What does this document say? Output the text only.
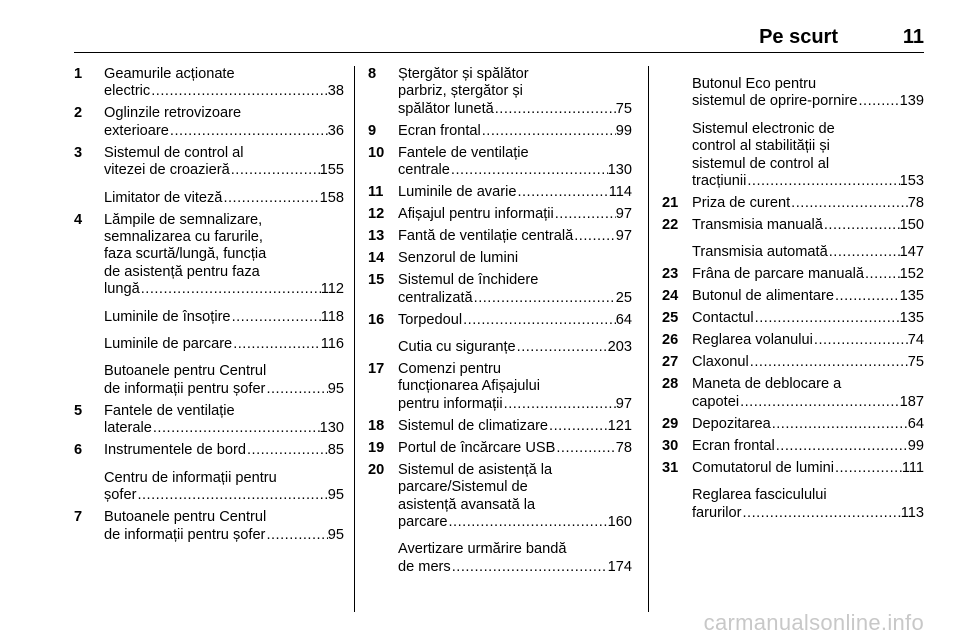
Pe scurt	11
1 Geamurile acționate
electric .....	38
2 Oglinzile retrovizoare
exterioare .....	36
3 Sistemul de control al
vitezei de croazieră .....	155
Limitator de viteză .....	158
4 Lămpile de semnalizare,
semnalizarea cu farurile,
faza scurtă/lungă, funcția
de asistență pentru faza
lungă .....	112
Luminile de însoțire .....	118
Luminile de parcare .....	116
Butoanele pentru Centrul
de informații pentru șofer .....	95
5 Fantele de ventilație
laterale .....	130
6 Instrumentele de bord .....	85
Centru de informații pentru
șofer .....	95
7 Butoanele pentru Centrul
de informații pentru șofer .....	95
8 Ștergător și spălător
parbriz, ștergător și
spălător lunetă .....	75
9 Ecran frontal .....	99
10 Fantele de ventilație
centrale .....	130
11 Luminile de avarie .....	114
12 Afișajul pentru informații .....	97
13 Fantă de ventilație centrală .....	97
14 Senzorul de lumini
15 Sistemul de închidere
centralizată .....	25
16 Torpedoul .....	64
Cutia cu siguranțe .....	203
17 Comenzi pentru
funcționarea Afișajului
pentru informații .....	97
18 Sistemul de climatizare .....	121
19 Portul de încărcare USB .....	78
20 Sistemul de asistență la
parcare/Sistemul de
asistență avansată la
parcare .....	160
Avertizare urmărire bandă
de mers .....	174
Butonul Eco pentru
sistemul de oprire-pornire .....	139
Sistemul electronic de
control al stabilității și
sistemul de control al
tracțiunii .....	153
21 Priza de curent .....	78
22 Transmisia manuală .....	150
Transmisia automată .....	147
23 Frâna de parcare manuală ..... 152
24 Butonul de alimentare .....	135
25 Contactul .....	135
26 Reglarea volanului .....	74
27 Claxonul .....	75
28 Maneta de deblocare a
capotei .....	187
29 Depozitarea .....	64
30 Ecran frontal .....	99
31 Comutatorul de lumini .....	111
Reglarea fasciculului
farurilor .....	113
carmanualsonline.info
